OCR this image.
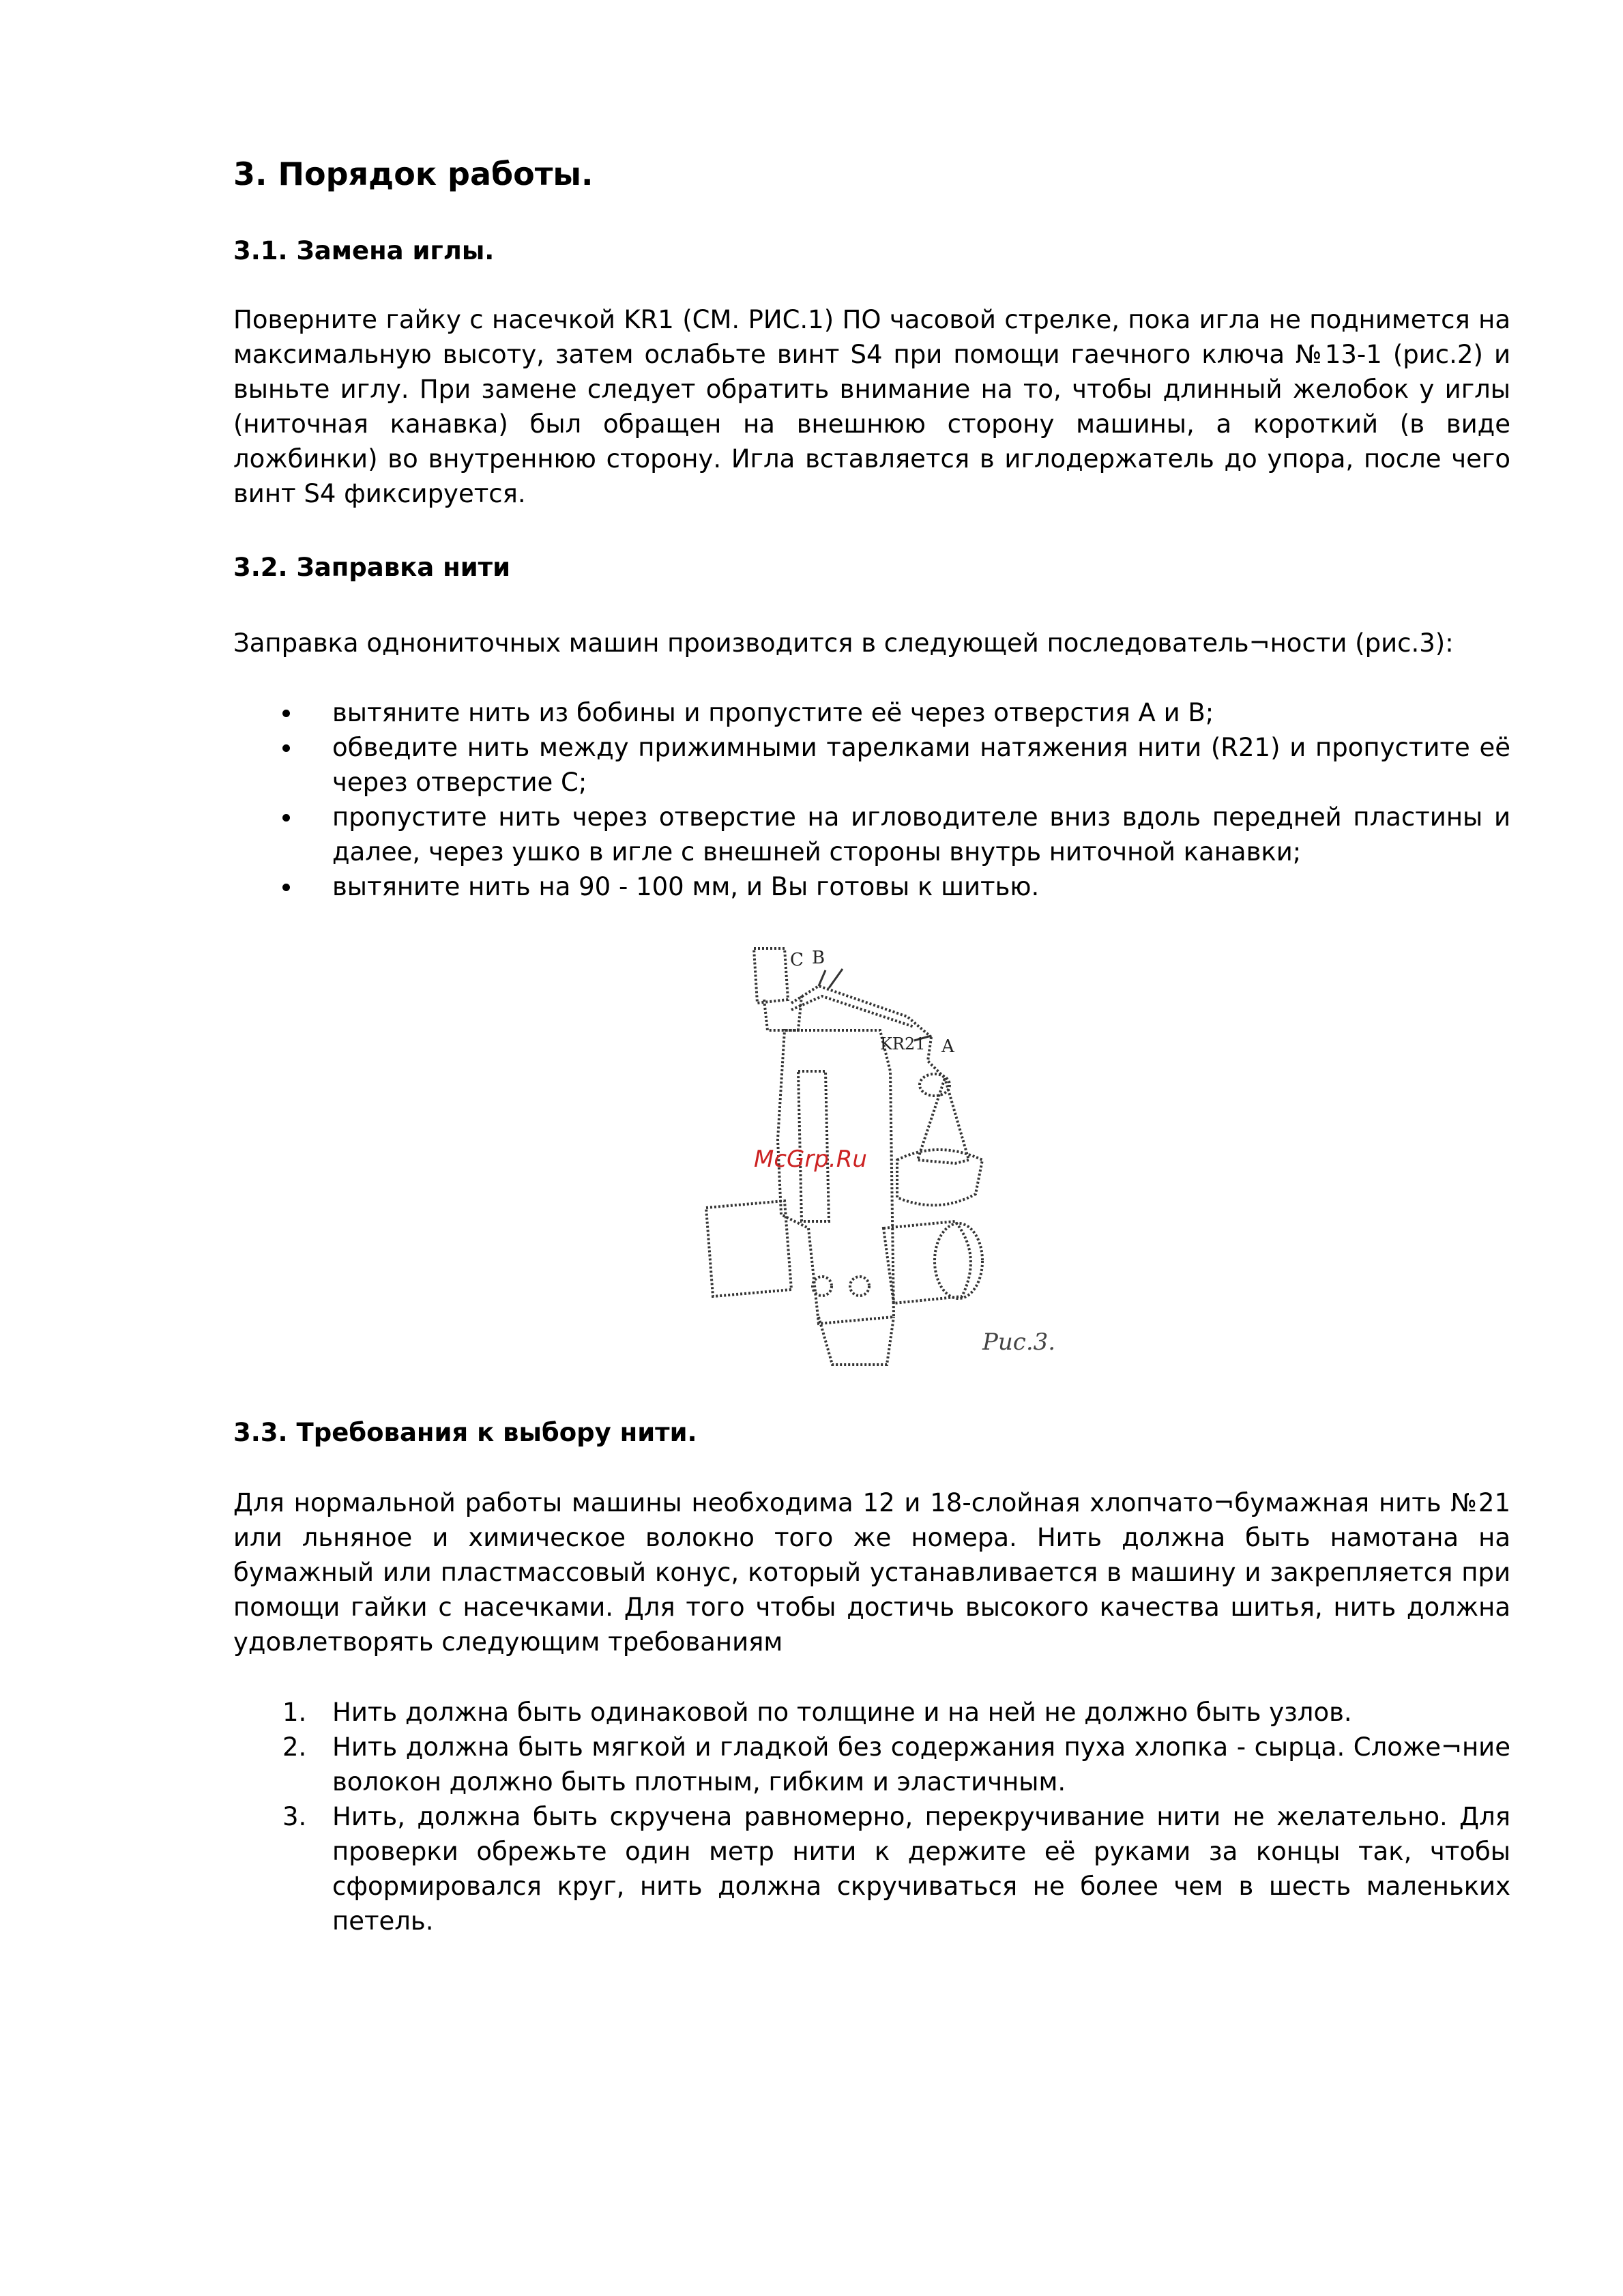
3. Порядок работы.
3.1. Замена иглы.

Поверните гайку с насечкой KR1 (СМ. РИС.1) ПО часовой стрелке, пока игла не поднимется на максимальную высоту, затем ослабьте винт S4 при помощи гаечного ключа №13-1 (рис.2) и выньте иглу. При замене следует обратить внимание на то, чтобы длинный желобок у иглы (ниточная канавка) был обращен на внешнюю сторону машины, а короткий (в виде ложбинки) во внутреннюю сторону. Игла вставляется в иглодержатель до упора, после чего винт S4 фиксируется.

3.2. Заправка нити

Заправка однониточных машин производится в следующей последователь¬ности (рис.3):

вытяните нить из бобины и пропустите её через отверстия А и В;
обведите нить между прижимными тарелками натяжения нити (R21) и пропустите её через отверстие С;
пропустите нить через отверстие на игловодителе вниз вдоль передней пластины и далее, через ушко в игле с внешней стороны внутрь ниточной канавки;
вытяните нить на 90 - 100 мм, и Вы готовы к шитью.
C B
KR21 A
Рис.3.
McGrp.Ru
3.3. Требования к выбору нити.

Для нормальной работы машины необходима 12 и 18-слойная хлопчато¬бумажная нить №21 или льняное и химическое волокно того же номера. Нить должна быть намотана на бумажный или пластмассовый конус, который устанавливается в машину и закрепляется при помощи гайки с насечками. Для того чтобы достичь высокого качества шитья, нить должна удовлетворять следующим требованиям

1. Нить должна быть одинаковой по толщине и на ней не должно быть узлов.
2. Нить должна быть мягкой и гладкой без содержания пуха хлопка - сырца. Сложе¬ние волокон должно быть плотным, гибким и эластичным.
3. Нить, должна быть скручена равномерно, перекручивание нити не желательно. Для проверки обрежьте один метр нити к держите её руками за концы так, чтобы сформировался круг, нить должна скручиваться не более чем в шесть маленьких петель.
